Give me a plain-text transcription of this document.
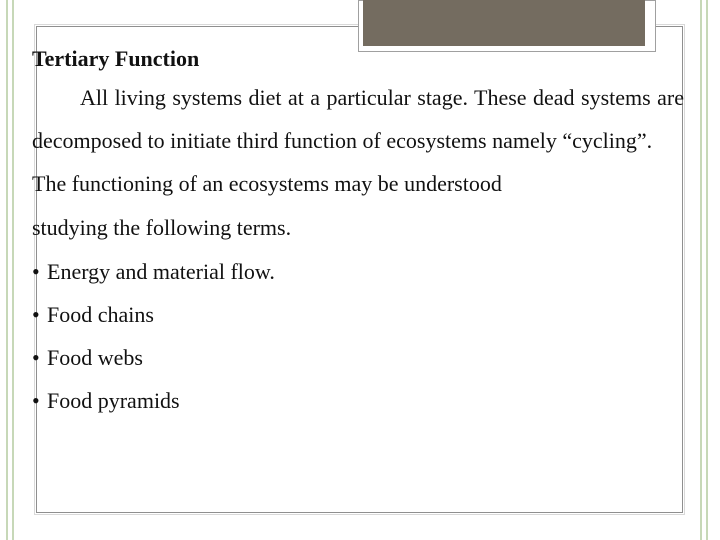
Tertiary Function
All living systems diet at a particular stage. These dead systems are decomposed to initiate third function of ecosystems namely “cycling”.
The functioning of an ecosystems may be understood
studying the following terms.
• Energy and material flow.
• Food chains
• Food webs
• Food pyramids
